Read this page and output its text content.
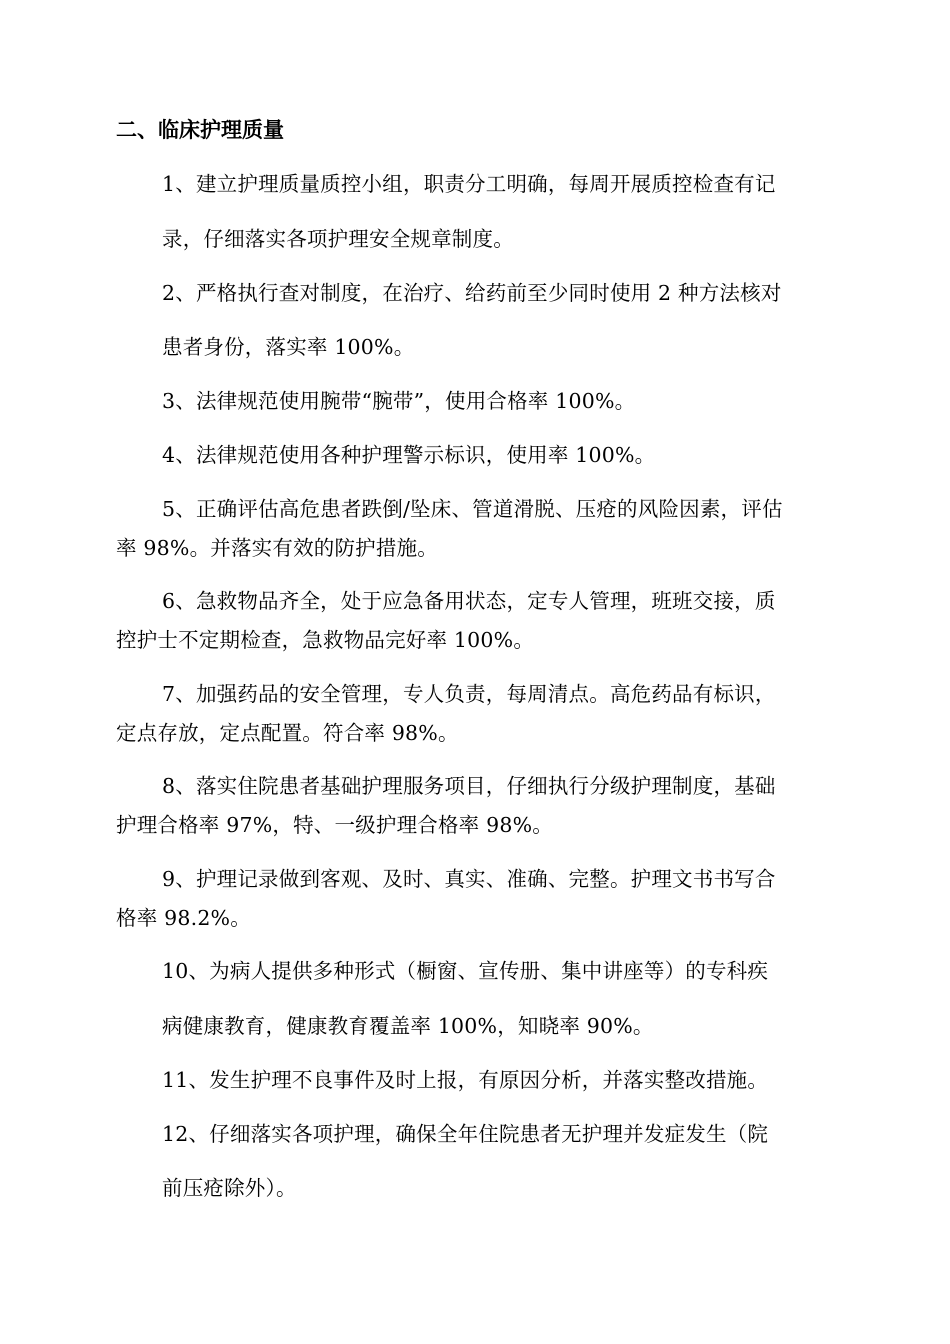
二、临床护理质量
1、建立护理质量质控小组，职责分工明确，每周开展质控检查有记
录，仔细落实各项护理安全规章制度。
2、严格执行查对制度，在治疗、给药前至少同时使用 2 种方法核对
患者身份，落实率 100%。
3、法律规范使用腕带“腕带”，使用合格率 100%。
4、法律规范使用各种护理警示标识，使用率 100%。
5、正确评估高危患者跌倒/坠床、管道滑脱、压疮的风险因素，评估
率 98%。并落实有效的防护措施。
6、急救物品齐全，处于应急备用状态，定专人管理，班班交接，质
控护士不定期检查，急救物品完好率 100%。
7、加强药品的安全管理，专人负责，每周清点。高危药品有标识，
定点存放，定点配置。符合率 98%。
8、落实住院患者基础护理服务项目，仔细执行分级护理制度，基础
护理合格率 97%，特、一级护理合格率 98%。
9、护理记录做到客观、及时、真实、准确、完整。护理文书书写合
格率 98.2%。
10、为病人提供多种形式（橱窗、宣传册、集中讲座等）的专科疾
病健康教育，健康教育覆盖率 100%，知晓率 90%。
11、发生护理不良事件及时上报，有原因分析，并落实整改措施。
12、仔细落实各项护理，确保全年住院患者无护理并发症发生（院
前压疮除外）。
